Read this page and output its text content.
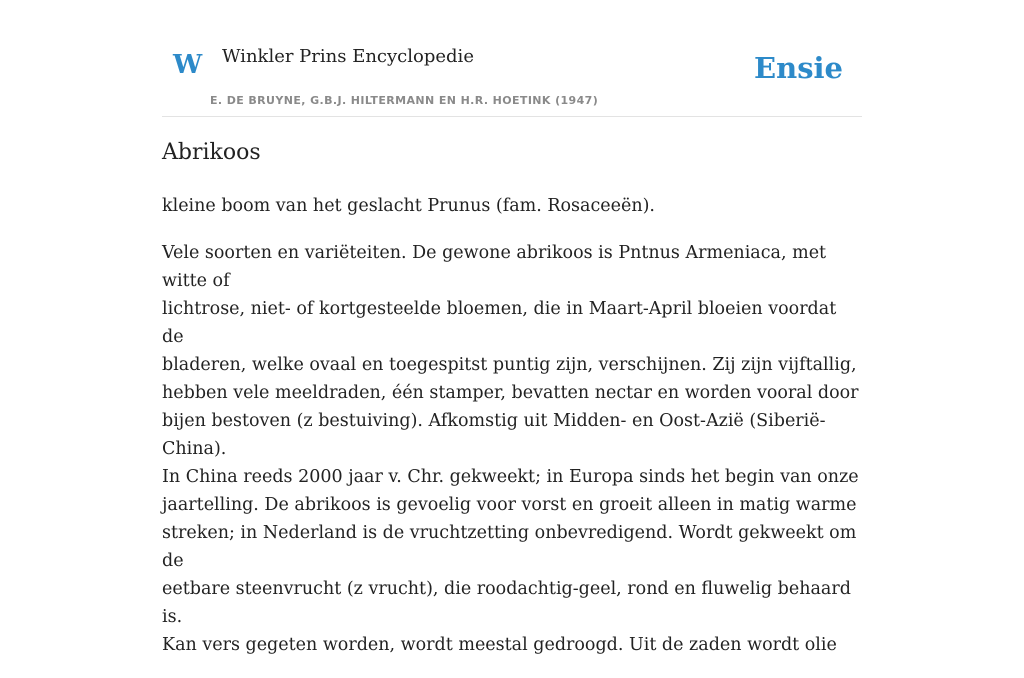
W Winkler Prins Encyclopedie
E. DE BRUYNE, G.B.J. HILTERMANN EN H.R. HOETINK (1947)
Ensie
Abrikoos

kleine boom van het geslacht Prunus (fam. Rosaceeën).

Vele soorten en variëteiten. De gewone abrikoos is Pntnus Armeniaca, met witte of
lichtrose, niet- of kortgesteelde bloemen, die in Maart-April bloeien voordat de
bladeren, welke ovaal en toegespitst puntig zijn, verschijnen. Zij zijn vijftallig,
hebben vele meeldraden, één stamper, bevatten nectar en worden vooral door
bijen bestoven (z bestuiving). Afkomstig uit Midden- en Oost-Azië (Siberië-China).
In China reeds 2000 jaar v. Chr. gekweekt; in Europa sinds het begin van onze
jaartelling. De abrikoos is gevoelig voor vorst en groeit alleen in matig warme
streken; in Nederland is de vruchtzetting onbevredigend. Wordt gekweekt om de
eetbare steenvrucht (z vrucht), die roodachtig-geel, rond en fluwelig behaard is.
Kan vers gegeten worden, wordt meestal gedroogd. Uit de zaden wordt olie
